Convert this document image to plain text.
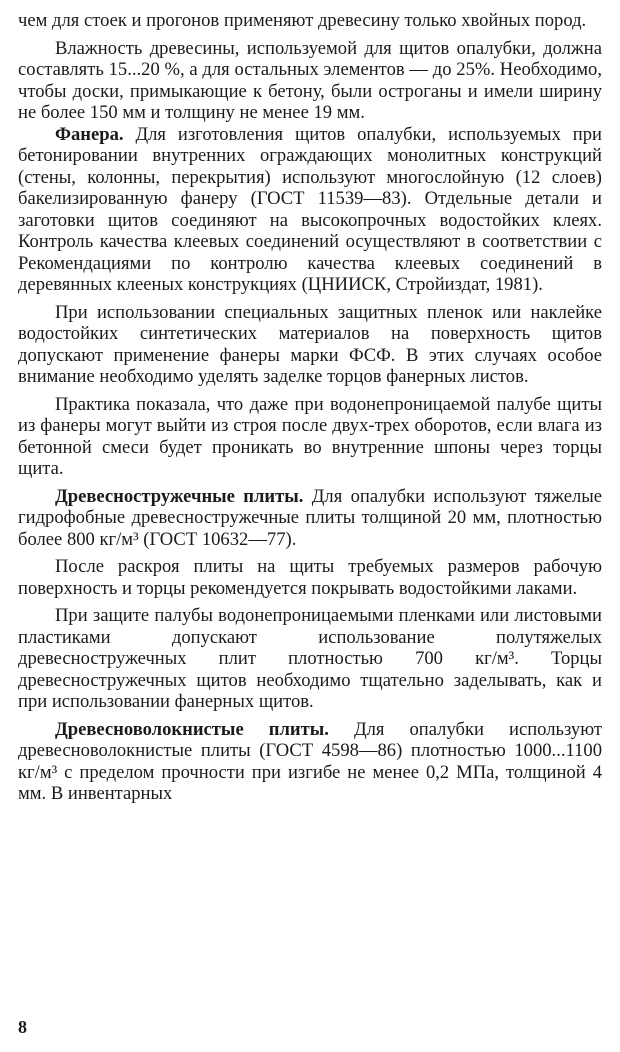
чем для стоек и прогонов применяют древесину только хвойных пород.

Влажность древесины, используемой для щитов опалубки, должна составлять 15...20 %, а для остальных элементов — до 25%. Необходимо, чтобы доски, примыкающие к бетону, были острoганы и имели ширину не более 150 мм и толщину не менее 19 мм.

Фанера. Для изготовления щитов опалубки, используемых при бетонировании внутренних ограждающих монолитных конструкций (стены, колонны, перекрытия) используют многослойную (12 слоев) бакелизированную фанеру (ГОСТ 11539—83). Отдельные детали и заготовки щитов соединяют на высокопрочных водостойких клеях. Контроль качества клеевых соединений осуществляют в соответствии с Рекомендациями по контролю качества клеевых соединений в деревянных клееных конструкциях (ЦНИИСК, Стройиздат, 1981).

При использовании специальных защитных пленок или наклейке водостойких синтетических материалов на поверхность щитов допускают применение фанеры марки ФСФ. В этих случаях особое внимание необходимо уделять заделке торцов фанерных листов.

Практика показала, что даже при водонепроницаемой палубе щиты из фанеры могут выйти из строя после двух-трех оборотов, если влага из бетонной смеси будет проникать во внутренние шпоны через торцы щита.

Древесностружечные плиты. Для опалубки используют тяжелые гидрофобные древесностружечные плиты толщиной 20 мм, плотностью более 800 кг/м³ (ГОСТ 10632—77).

После раскроя плиты на щиты требуемых размеров рабочую поверхность и торцы рекомендуется покрывать водостойкими лаками.

При защите палубы водонепроницаемыми пленками или листовыми пластиками допускают использование полутяжелых древесностружечных плит плотностью 700 кг/м³. Торцы древесностружечных щитов необходимо тщательно заделывать, как и при использовании фанерных щитов.

Древесноволокнистые плиты. Для опалубки используют древесноволокнистые плиты (ГОСТ 4598—86) плотностью 1000...1100 кг/м³ с пределом прочности при изгибе не менее 0,2 МПа, толщиной 4 мм. В инвентарных

8
